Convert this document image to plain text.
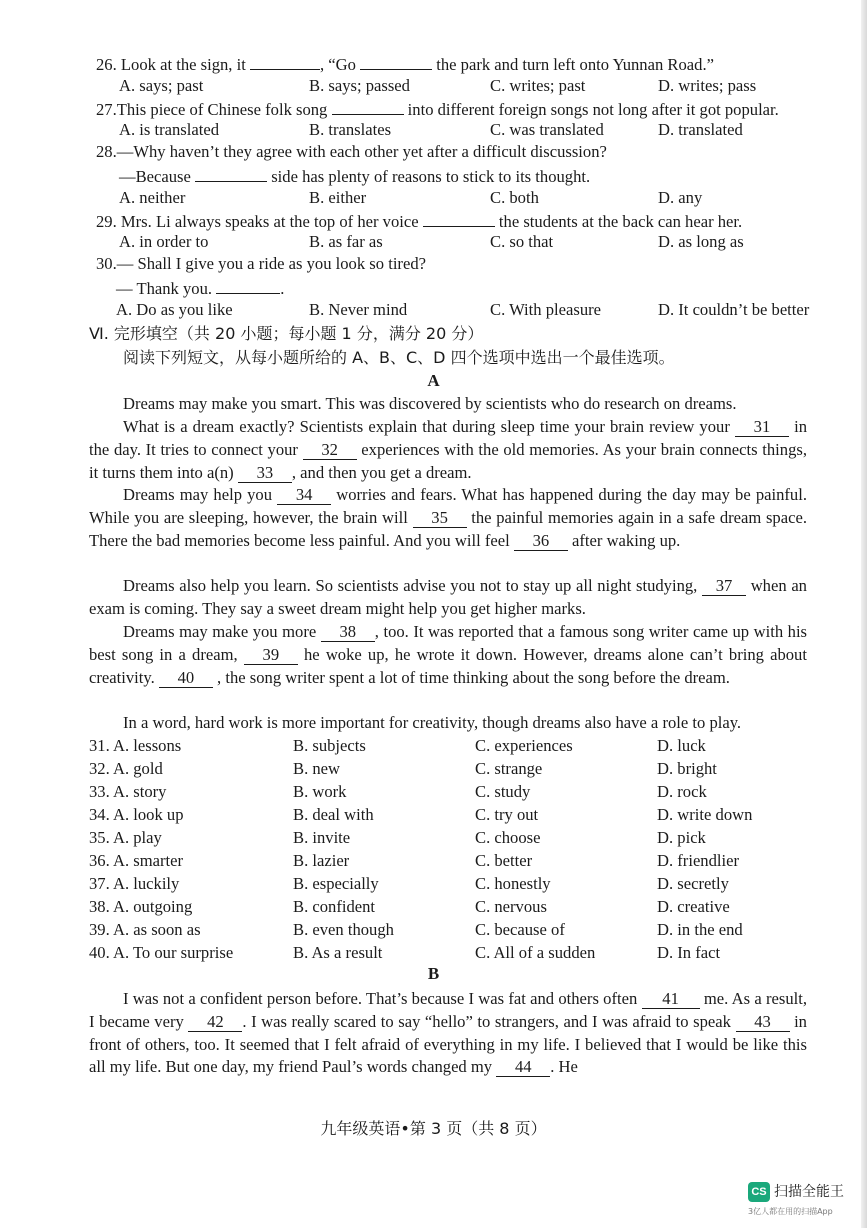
26. Look at the sign, it	, “Go	the park and turn left onto Yunnan Road.”
A. says; past	B. says; passed	C. writes; past	D. writes; pass
27.This piece of Chinese folk song	into different foreign songs not long after it got popular.
A. is translated	B. translates	C. was translated	D. translated
28.—Why haven’t they agree with each other yet after a difficult discussion?
—Because	side has plenty of reasons to stick to its thought.
A. neither	B. either	C. both	D. any
29. Mrs. Li always speaks at the top of her voice	the students at the back can hear her.
A. in order to	B. as far as	C. so that	D. as long as
30.— Shall I give you a ride as you look so tired?
— Thank you.	.
A. Do as you like	B. Never mind	C. With pleasure	D. It couldn’t be better
Ⅵ. 完形填空（共 20 小题；每小题 1 分，满分 20 分）
阅读下列短文，从每小题所给的 A、B、C、D 四个选项中选出一个最佳选项。
A
Dreams may make you smart. This was discovered by scientists who do research on dreams.
What is a dream exactly? Scientists explain that during sleep time your brain review your 31 in the day. It tries to connect your 32 experiences with the old memories. As your brain connects things, it turns them into a(n) 33 , and then you get a dream.
Dreams may help you 34 worries and fears. What has happened during the day may be painful. While you are sleeping, however, the brain will 35 the painful memories again in a safe dream space. There the bad memories become less painful. And you will feel 36 after waking up.
Dreams also help you learn. So scientists advise you not to stay up all night studying, 37 when an exam is coming. They say a sweet dream might help you get higher marks.
Dreams may make you more 38 , too. It was reported that a famous song writer came up with his best song in a dream, 39 he woke up, he wrote it down. However, dreams alone can’t bring about creativity. 40 , the song writer spent a lot of time thinking about the song before the dream.
In a word, hard work is more important for creativity, though dreams also have a role to play.
31. A. lessons	B. subjects	C. experiences	D. luck
32. A. gold	B. new	C. strange	D. bright
33. A. story	B. work	C. study	D. rock
34. A. look up	B. deal with	C. try out	D. write down
35. A. play	B. invite	C. choose	D. pick
36. A. smarter	B. lazier	C. better	D. friendlier
37. A. luckily	B. especially	C. honestly	D. secretly
38. A. outgoing	B. confident	C. nervous	D. creative
39. A. as soon as	B. even though	C. because of	D. in the end
40. A. To our surprise	B. As a result	C. All of a sudden	D. In fact
B
I was not a confident person before. That’s because I was fat and others often 41 me. As a result, I became very 42 . I was really scared to say “hello” to strangers, and I was afraid to speak 43 in front of others, too. It seemed that I felt afraid of everything in my life. I believed that I would be like this all my life. But one day, my friend Paul’s words changed my 44 . He
九年级英语•第 3 页（共 8 页）
CS 扫描全能王
3亿人都在用的扫描App
